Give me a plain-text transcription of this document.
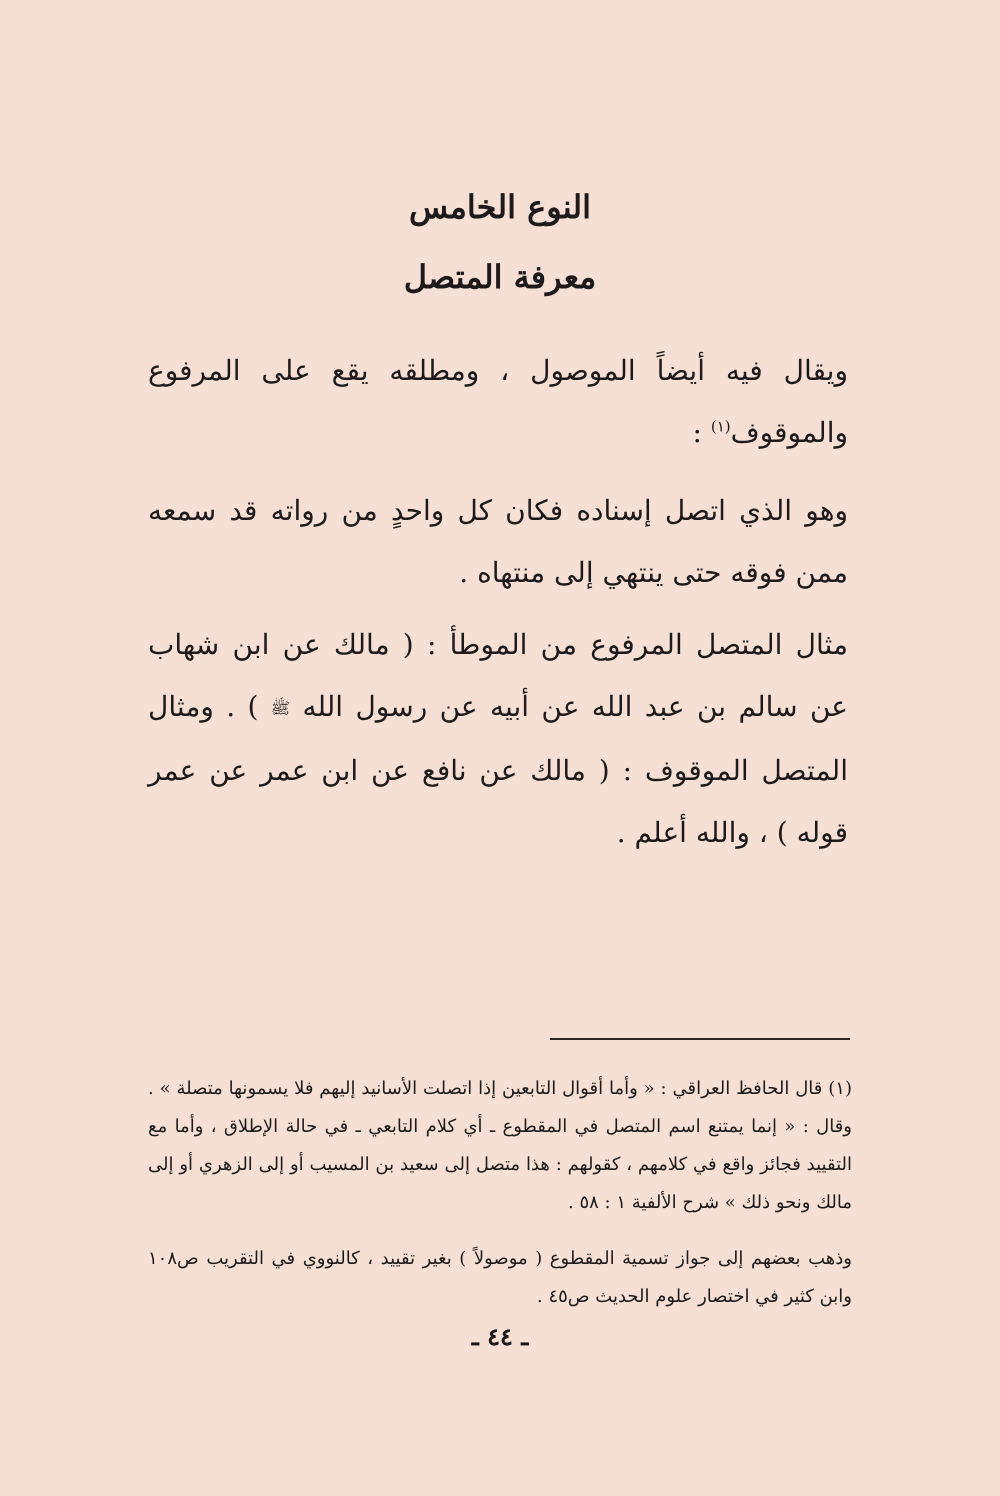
النوع الخامس
معرفة المتصل

ويقال فيه أيضاً الموصول ، ومطلقه يقع على المرفوع والموقوف$^{(١)}$ :

وهو الذي اتصل إسناده فكان كل واحدٍ من رواته قد سمعه ممن فوقه حتى ينتهي إلى منتهاه .

مثال المتصل المرفوع من الموطأ : ( مالك عن ابن شهاب عن سالم بن عبد الله عن أبيه عن رسول الله ﷺ ) . ومثال المتصل الموقوف : ( مالك عن نافع عن ابن عمر عن عمر قوله ) ، والله أعلم .

(١) قال الحافظ العراقي : « وأما أقوال التابعين إذا اتصلت الأسانيد إليهم فلا يسمونها متصلة » . وقال : « إنما يمتنع اسم المتصل في المقطوع ـ أي كلام التابعي ـ في حالة الإطلاق ، وأما مع التقييد فجائز واقع في كلامهم ، كقولهم : هذا متصل إلى سعيد بن المسيب أو إلى الزهري أو إلى مالك ونحو ذلك » شرح الألفية ١ : ٥٨ .

وذهب بعضهم إلى جواز تسمية المقطوع ( موصولاً ) بغير تقييد ، كالنووي في التقريب ص١٠٨ وابن كثير في اختصار علوم الحديث ص٤٥ .

ـ ٤٤ ـ
